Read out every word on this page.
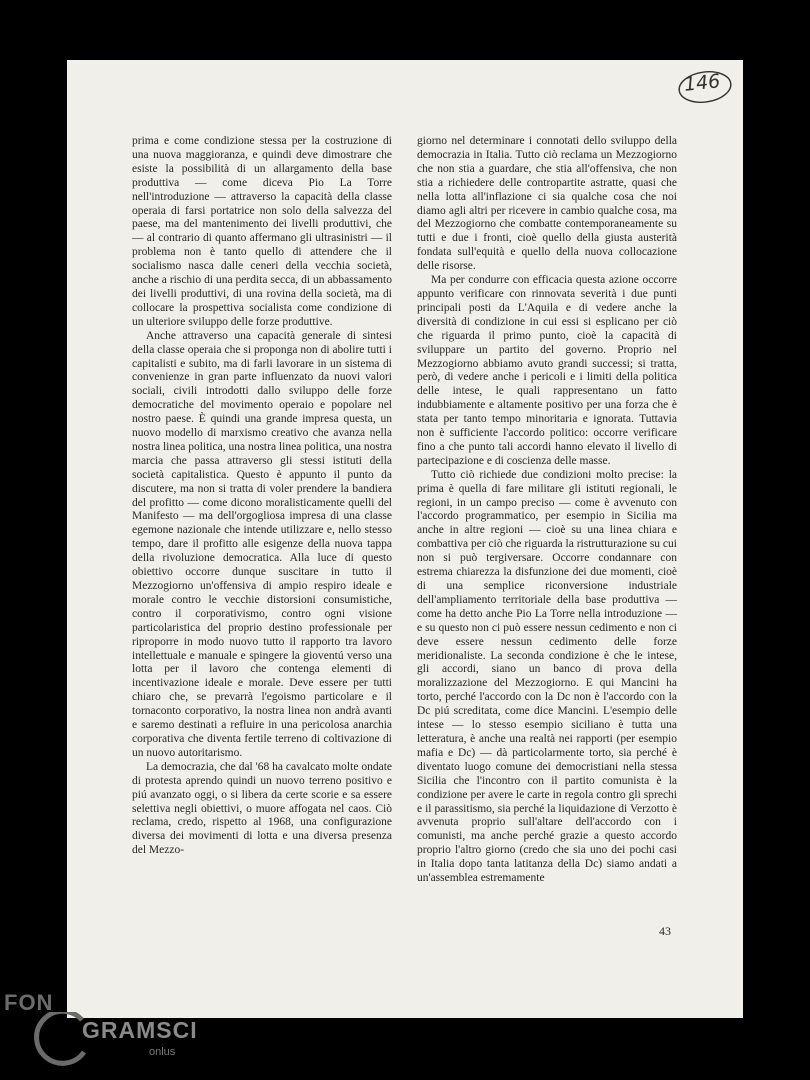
146

prima e come condizione stessa per la costruzione di una nuova maggioranza, e quindi deve dimostrare che esiste la possibilità di un allargamento della base produttiva — come diceva Pio La Torre nell'introduzione — attraverso la capacità della classe operaia di farsi portatrice non solo della salvezza del paese, ma del mantenimento dei livelli produttivi, che — al contrario di quanto affermano gli ultrasinistri — il problema non è tanto quello di attendere che il socialismo nasca dalle ceneri della vecchia società, anche a rischio di una perdita secca, di un abbassamento dei livelli produttivi, di una rovina della società, ma di collocare la prospettiva socialista come condizione di un ulteriore sviluppo delle forze produttive.

Anche attraverso una capacità generale di sintesi della classe operaia che si proponga non di abolire tutti i capitalisti e subito, ma di farli lavorare in un sistema di convenienze in gran parte influenzato da nuovi valori sociali, civili introdotti dallo sviluppo delle forze democratiche del movimento operaio e popolare nel nostro paese. È quindi una grande impresa questa, un nuovo modello di marxismo creativo che avanza nella nostra linea politica, una nostra linea politica, una nostra marcia che passa attraverso gli stessi istituti della società capitalistica. Questo è appunto il punto da discutere, ma non si tratta di voler prendere la bandiera del profitto — come dicono moralisticamente quelli del Manifesto — ma dell'orgogliosa impresa di una classe egemone nazionale che intende utilizzare e, nello stesso tempo, dare il profitto alle esigenze della nuova tappa della rivoluzione democratica. Alla luce di questo obiettivo occorre dunque suscitare in tutto il Mezzogiorno un'offensiva di ampio respiro ideale e morale contro le vecchie distorsioni consumistiche, contro il corporativismo, contro ogni visione particolaristica del proprio destino professionale per riproporre in modo nuovo tutto il rapporto tra lavoro intellettuale e manuale e spingere la gioventú verso una lotta per il lavoro che contenga elementi di incentivazione ideale e morale. Deve essere per tutti chiaro che, se prevarrà l'egoismo particolare e il tornaconto corporativo, la nostra linea non andrà avanti e saremo destinati a refluire in una pericolosa anarchia corporativa che diventa fertile terreno di coltivazione di un nuovo autoritarismo.

La democrazia, che dal '68 ha cavalcato molte ondate di protesta aprendo quindi un nuovo terreno positivo e piú avanzato oggi, o si libera da certe scorie e sa essere selettiva negli obiettivi, o muore affogata nel caos. Ciò reclama, credo, rispetto al 1968, una configurazione diversa dei movimenti di lotta e una diversa presenza del Mezzo-

giorno nel determinare i connotati dello sviluppo della democrazia in Italia. Tutto ciò reclama un Mezzogiorno che non stia a guardare, che stia all'offensiva, che non stia a richiedere delle contropartite astratte, quasi che nella lotta all'inflazione ci sia qualche cosa che noi diamo agli altri per ricevere in cambio qualche cosa, ma del Mezzogiorno che combatte contemporaneamente su tutti e due i fronti, cioè quello della giusta austerità fondata sull'equità e quello della nuova collocazione delle risorse.

Ma per condurre con efficacia questa azione occorre appunto verificare con rinnovata severità i due punti principali posti da L'Aquila e di vedere anche la diversità di condizione in cui essi si esplicano per ciò che riguarda il primo punto, cioè la capacità di sviluppare un partito del governo. Proprio nel Mezzogiorno abbiamo avuto grandi successi; si tratta, però, di vedere anche i pericoli e i limiti della politica delle intese, le quali rappresentano un fatto indubbiamente e altamente positivo per una forza che è stata per tanto tempo minoritaria e ignorata. Tuttavia non è sufficiente l'accordo politico: occorre verificare fino a che punto tali accordi hanno elevato il livello di partecipazione e di coscienza delle masse.

Tutto ciò richiede due condizioni molto precise: la prima è quella di fare militare gli istituti regionali, le regioni, in un campo preciso — come è avvenuto con l'accordo programmatico, per esempio in Sicilia ma anche in altre regioni — cioè su una linea chiara e combattiva per ciò che riguarda la ristrutturazione su cui non si può tergiversare. Occorre condannare con estrema chiarezza la disfunzione dei due momenti, cioè di una semplice riconversione industriale dell'ampliamento territoriale della base produttiva — come ha detto anche Pio La Torre nella introduzione — e su questo non ci può essere nessun cedimento e non ci deve essere nessun cedimento delle forze meridionaliste. La seconda condizione è che le intese, gli accordi, siano un banco di prova della moralizzazione del Mezzogiorno. E qui Mancini ha torto, perché l'accordo con la Dc non è l'accordo con la Dc piú screditata, come dice Mancini. L'esempio delle intese — lo stesso esempio siciliano è tutta una letteratura, è anche una realtà nei rapporti (per esempio mafia e Dc) — dà particolarmente torto, sia perché è diventato luogo comune dei democristiani nella stessa Sicilia che l'incontro con il partito comunista è la condizione per avere le carte in regola contro gli sprechi e il parassitismo, sia perché la liquidazione di Verzotto è avvenuta proprio sull'altare dell'accordo con i comunisti, ma anche perché grazie a questo accordo proprio l'altro giorno (credo che sia uno dei pochi casi in Italia dopo tanta latitanza della Dc) siamo andati a un'assemblea estremamente

43
FON
GRAMSCI
onlus
